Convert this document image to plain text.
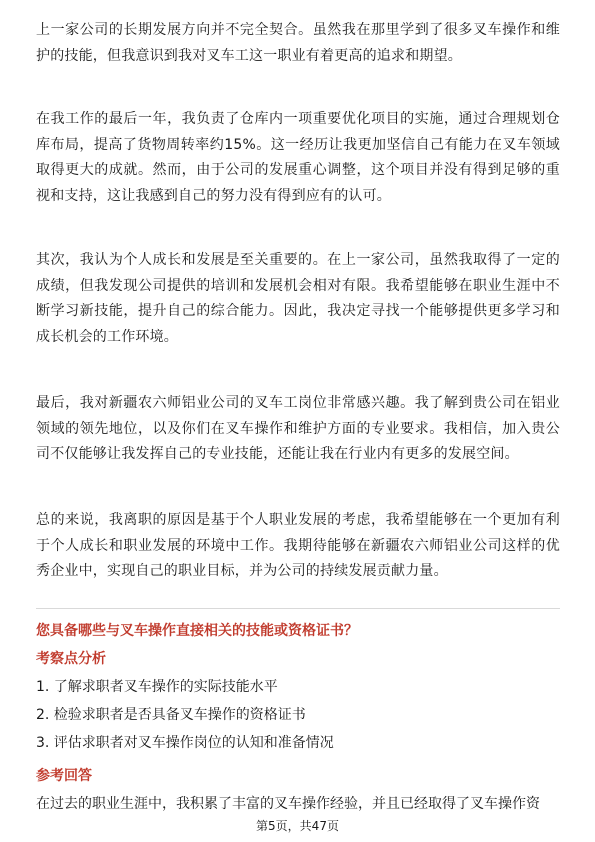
上一家公司的长期发展方向并不完全契合。虽然我在那里学到了很多叉车操作和维护的技能，但我意识到我对叉车工这一职业有着更高的追求和期望。

在我工作的最后一年，我负责了仓库内一项重要优化项目的实施，通过合理规划仓库布局，提高了货物周转率约15%。这一经历让我更加坚信自己有能力在叉车领域取得更大的成就。然而，由于公司的发展重心调整，这个项目并没有得到足够的重视和支持，这让我感到自己的努力没有得到应有的认可。

其次，我认为个人成长和发展是至关重要的。在上一家公司，虽然我取得了一定的成绩，但我发现公司提供的培训和发展机会相对有限。我希望能够在职业生涯中不断学习新技能，提升自己的综合能力。因此，我决定寻找一个能够提供更多学习和成长机会的工作环境。

最后，我对新疆农六师铝业公司的叉车工岗位非常感兴趣。我了解到贵公司在铝业领域的领先地位，以及你们在叉车操作和维护方面的专业要求。我相信，加入贵公司不仅能够让我发挥自己的专业技能，还能让我在行业内有更多的发展空间。

总的来说，我离职的原因是基于个人职业发展的考虑，我希望能够在一个更加有利于个人成长和职业发展的环境中工作。我期待能够在新疆农六师铝业公司这样的优秀企业中，实现自己的职业目标，并为公司的持续发展贡献力量。

您具备哪些与叉车操作直接相关的技能或资格证书？

考察点分析

1. 了解求职者叉车操作的实际技能水平

2. 检验求职者是否具备叉车操作的资格证书

3. 评估求职者对叉车操作岗位的认知和准备情况

参考回答

在过去的职业生涯中，我积累了丰富的叉车操作经验，并且已经取得了叉车操作资

第5页，共47页
